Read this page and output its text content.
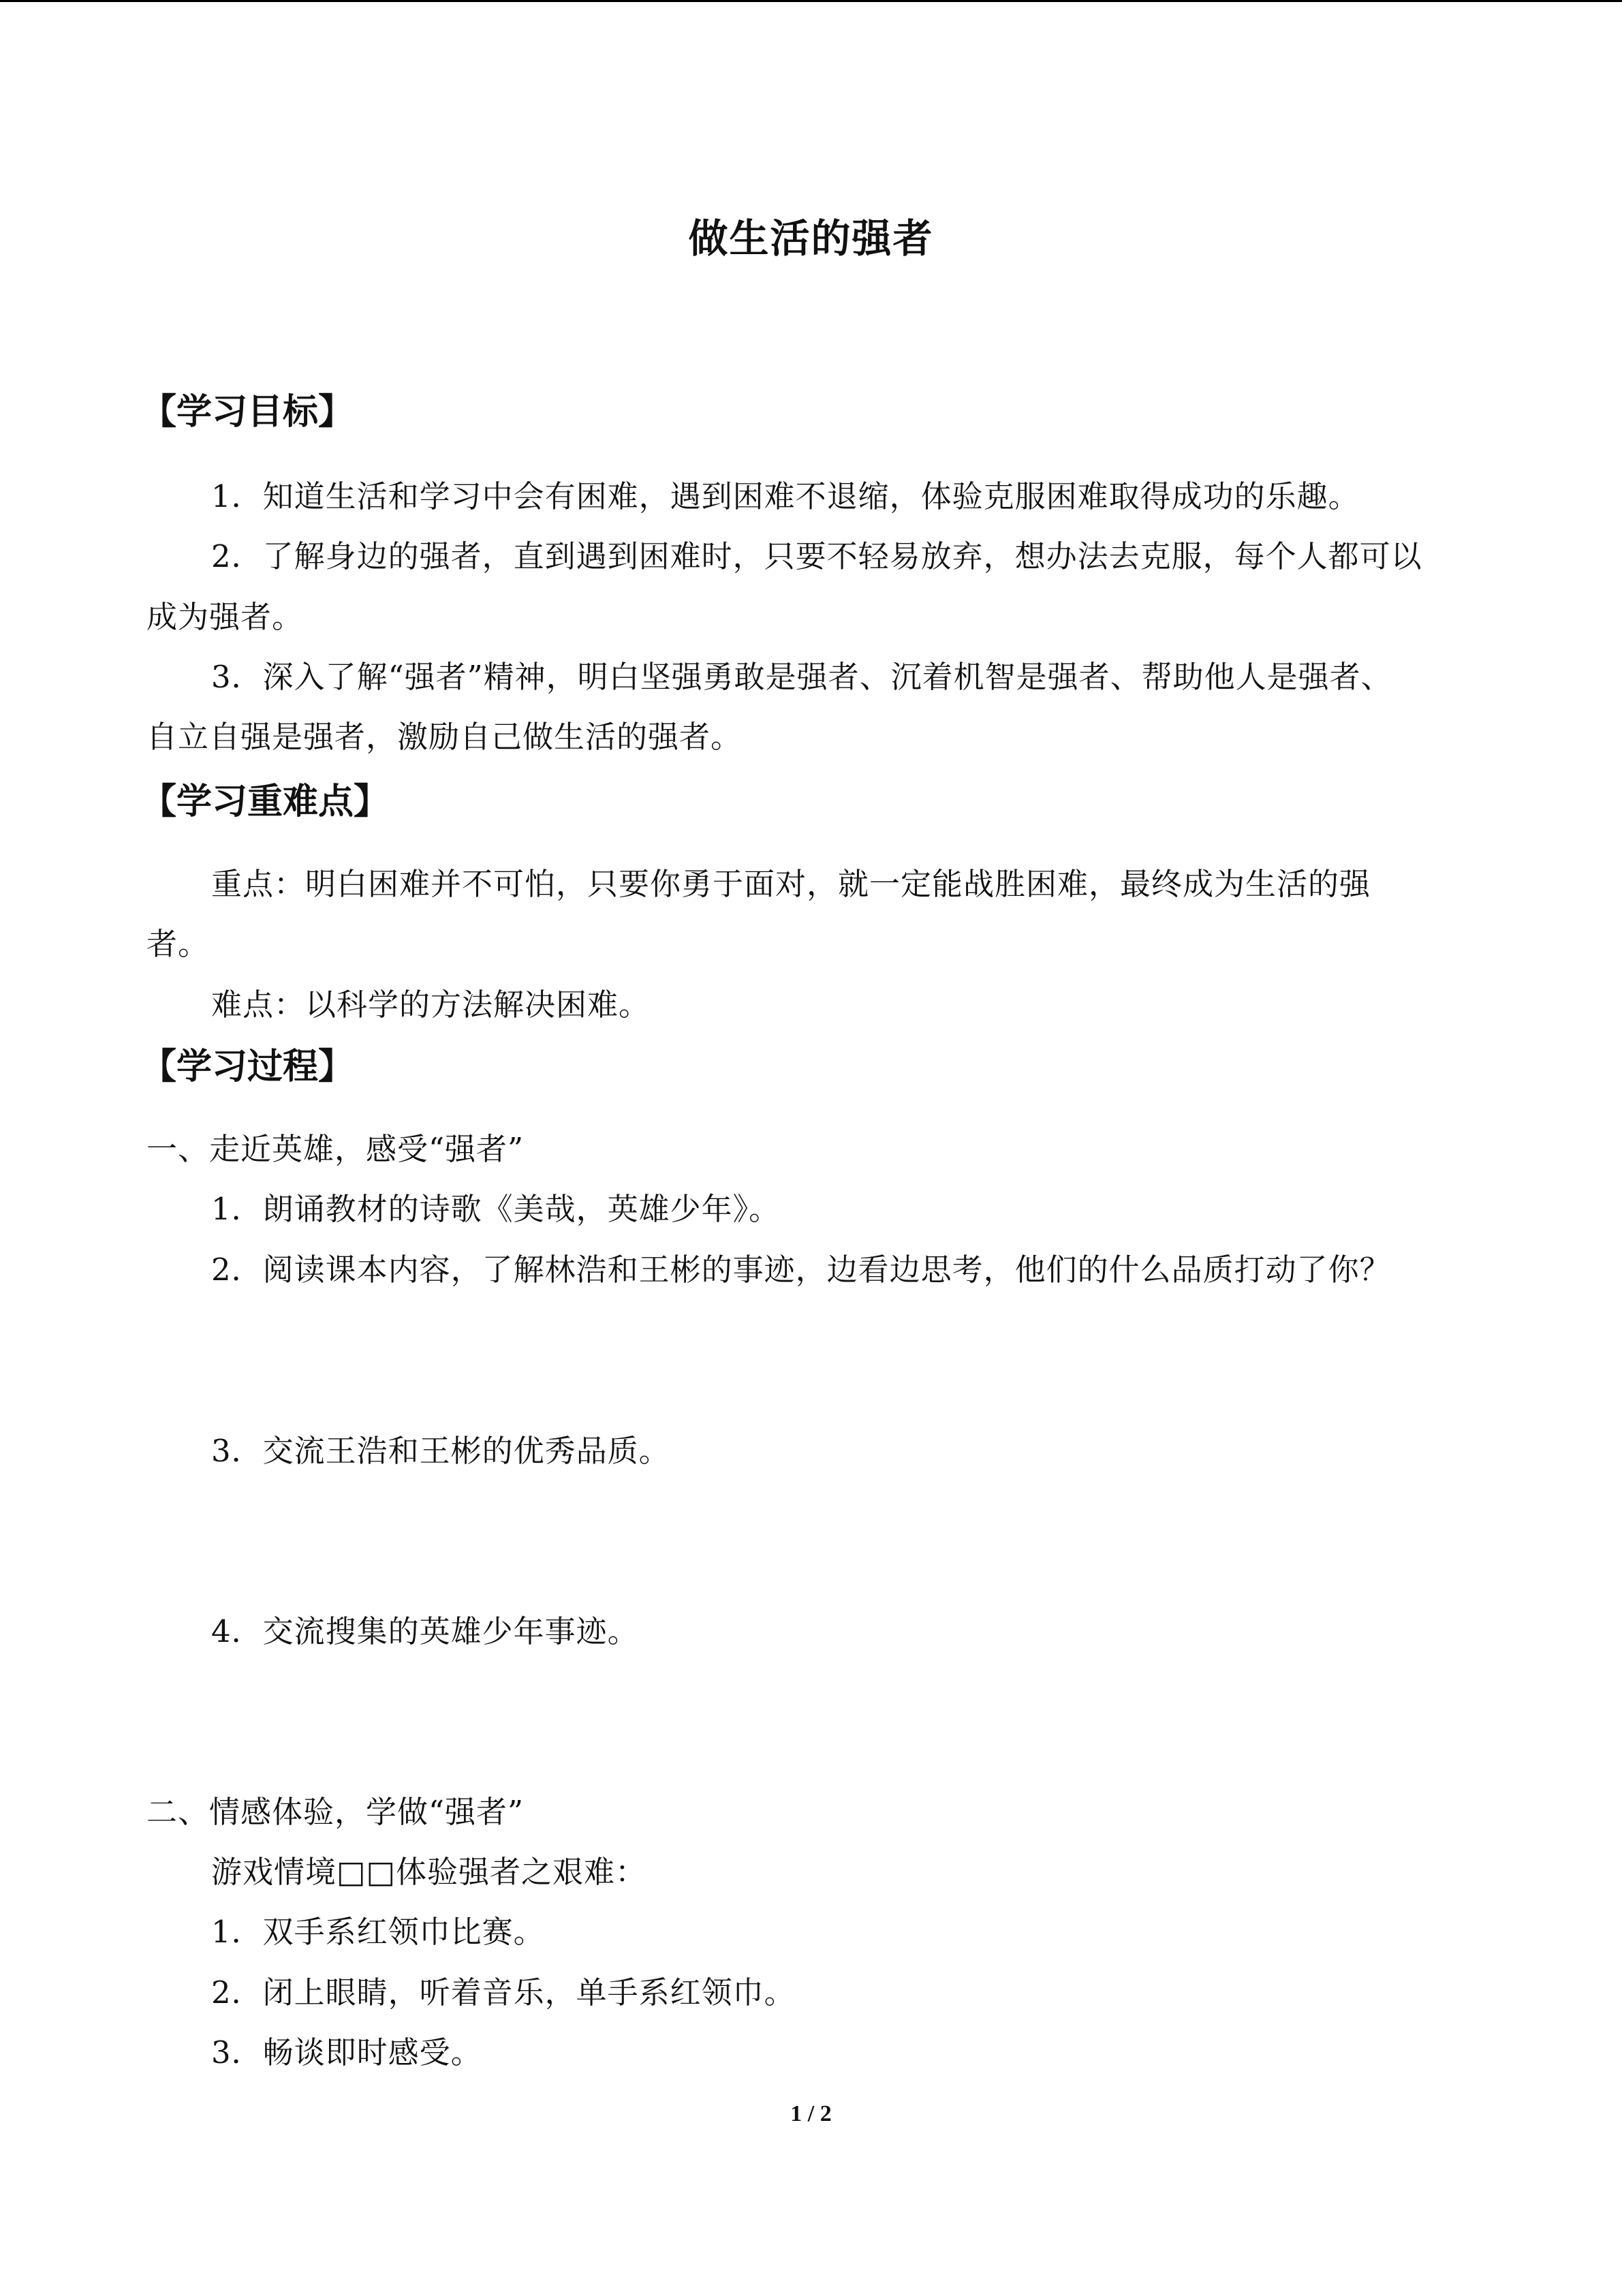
做生活的强者
【学习目标】
1．知道生活和学习中会有困难，遇到困难不退缩，体验克服困难取得成功的乐趣。
2．了解身边的强者，直到遇到困难时，只要不轻易放弃，想办法去克服，每个人都可以
成为强者。
3．深入了解“强者”精神，明白坚强勇敢是强者、沉着机智是强者、帮助他人是强者、
自立自强是强者，激励自己做生活的强者。
【学习重难点】
重点：明白困难并不可怕，只要你勇于面对，就一定能战胜困难，最终成为生活的强
者。
难点：以科学的方法解决困难。
【学习过程】
一、走近英雄，感受“强者”
1．朗诵教材的诗歌《美哉，英雄少年》。
2．阅读课本内容，了解林浩和王彬的事迹，边看边思考，他们的什么品质打动了你？
3．交流王浩和王彬的优秀品质。
4．交流搜集的英雄少年事迹。
二、情感体验，学做“强者”
游戏情境□□体验强者之艰难：
1．双手系红领巾比赛。
2．闭上眼睛，听着音乐，单手系红领巾。
3．畅谈即时感受。
1 / 2
